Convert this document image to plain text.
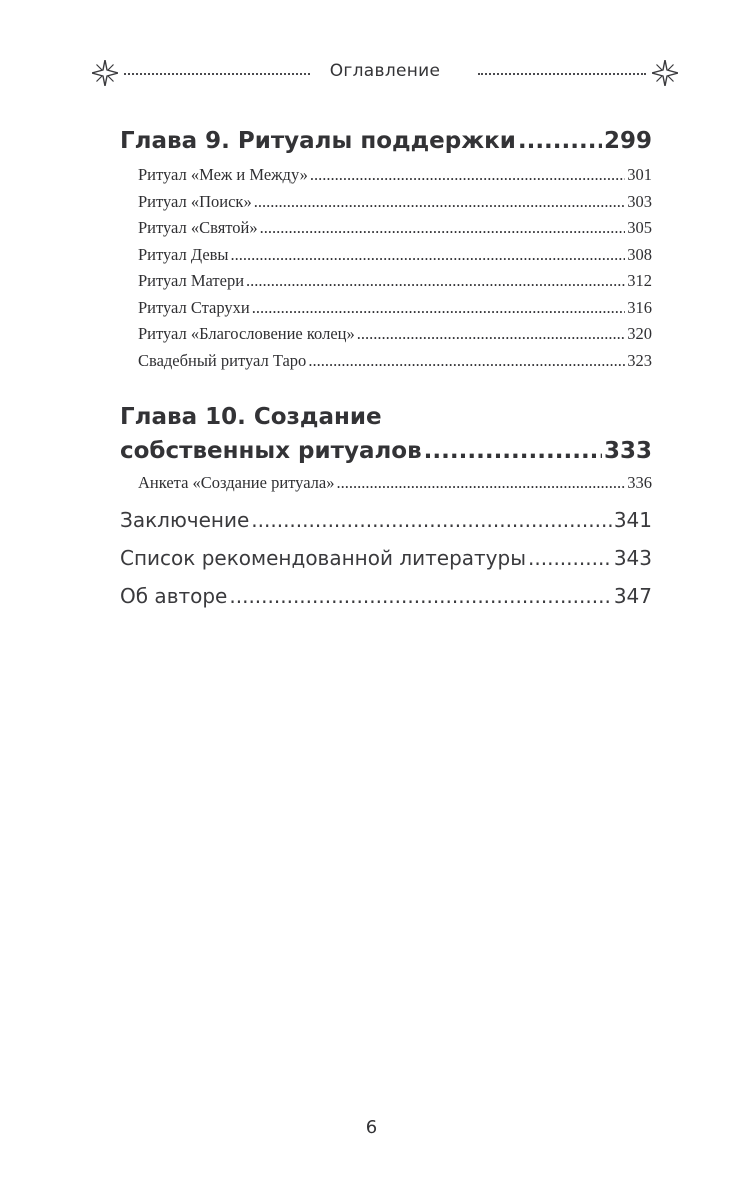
Оглавление
Глава 9. Ритуалы поддержки .....	299
Ритуал «Меж и Между» .....	301
Ритуал «Поиск» .....	303
Ритуал «Святой» .....	305
Ритуал Девы .....	308
Ритуал Матери .....	312
Ритуал Старухи .....	316
Ритуал «Благословение колец» .....	320
Свадебный ритуал Таро .....	323
Глава 10. Создание
собственных ритуалов .....	333
Анкета «Создание ритуала» .....	336
Заключение .....	341
Список рекомендованной литературы .....	343
Об авторе .....	347
6
